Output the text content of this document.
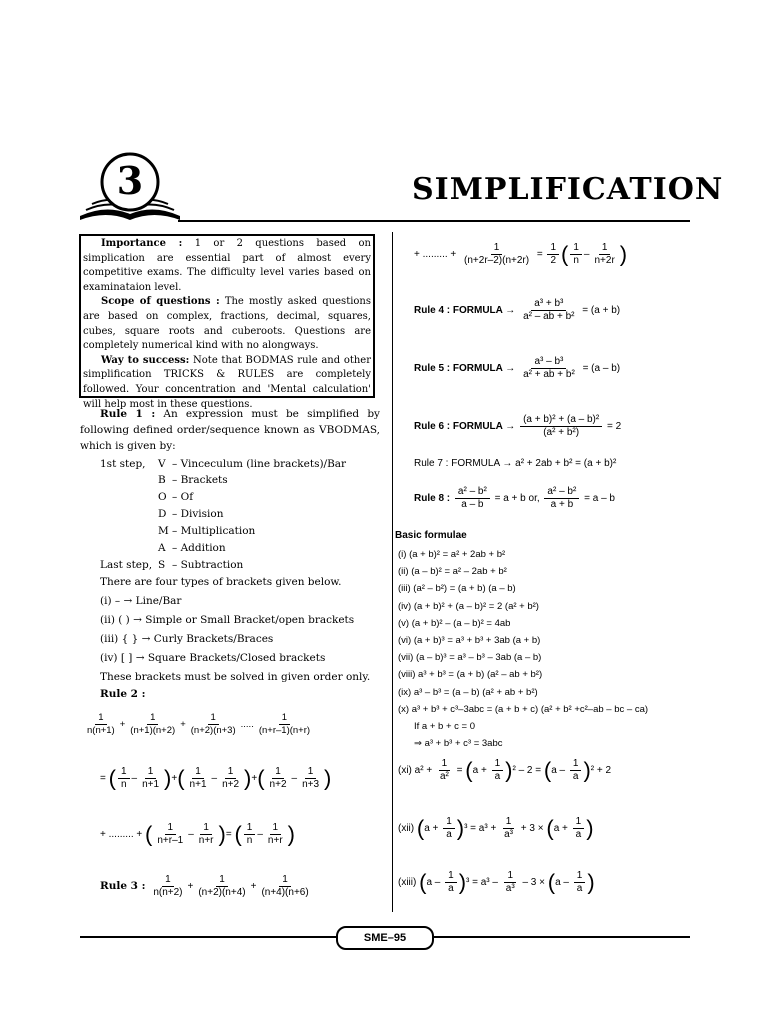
3	SIMPLIFICATION
Importance : 1 or 2 questions based on simplication are essential part of almost every competitive exams. The difficulty level varies based on examinataion level.
Scope of questions : The mostly asked questions are based on complex, fractions, decimal, squares, cubes, square roots and cuberoots. Questions are completely numerical kind with no alongways.
Way to success: Note that BODMAS rule and other simplification TRICKS & RULES are completely followed. Your concentration and 'Mental calculation' will help most in these questions.
Rule 1 : An expression must be simplified by following defined order/sequence known as VBODMAS, which is given by:
1st step, V – Vinceculum (line brackets)/Bar
B – Brackets
O – Of
D – Division
M – Multiplication
A – Addition
Last step, S – Subtraction
There are four types of brackets given below.
(i) – → Line/Bar
(ii) ( ) → Simple or Small Bracket/open brackets
(iii) { } → Curly Brackets/Braces
(iv) [ ] → Square Brackets/Closed brackets
These brackets must be solved in given order only.
Rule 2 :
$\frac{1}{n(n+1)} + \frac{1}{(n+1)(n+2)} + \frac{1}{(n+2)(n+3)}$ ..... $\frac{1}{(n+r-1)(n+r)}$
= ( $\frac{1}{n} - \frac{1}{n+1}$ )+( $\frac{1}{n+1} - \frac{1}{n+2}$ )+( $\frac{1}{n+2} - \frac{1}{n+3}$ )
+ ......... + ( $\frac{1}{n+r-1} - \frac{1}{n+r}$ )= ( $\frac{1}{n} - \frac{1}{n+r}$ )
Rule 3 : $\frac{1}{n(n+2)} + \frac{1}{(n+2)(n+4)} + \frac{1}{(n+4)(n+6)}$
+ ......... + $\frac{1}{(n+2r-2)(n+2r)} = \frac{1}{2}$ ( $\frac{1}{n} - \frac{1}{n+2r}$ )
Rule 4 : FORMULA → $\frac{\text{a³ + b³}}{\text{a² – ab + b²}} = (a + b)$
Rule 5 : FORMULA → $\frac{\text{a³ – b³}}{\text{a² + ab + b²}} = (a - b)$
Rule 6 : FORMULA → $\frac{\text{(a + b)² + (a – b)²}}{\text{(a² + b²)}} = 2$
Rule 7 : FORMULA → a² + 2ab + b² = (a + b)²
Rule 8 : $\frac{\text{a² – b²}}{a - b} = a + b$ or, $\frac{\text{a² – b²}}{a + b} = a - b$
Basic formulae
(i) (a + b)² = a² + 2ab + b²
(ii) (a – b)² = a² – 2ab + b²
(iii) (a² – b²) = (a + b) (a – b)
(iv) (a + b)² + (a – b)² = 2 (a² + b²)
(v) (a + b)² – (a – b)² = 4ab
(vi) (a + b)³ = a³ + b³ + 3ab (a + b)
(vii) (a – b)³ = a³ – b³ – 3ab (a – b)
(viii) a³ + b³ = (a + b) (a² – ab + b²)
(ix) a³ – b³ = (a – b) (a² + ab + b²)
(x) a³ + b³ + c³–3abc = (a + b + c) (a² + b² +c²–ab – bc – ca)
If a + b + c = 0
⇒ a³ + b³ + c³ = 3abc
(xi) $a^2 + \frac{1}{\text{a²}} = (a + \frac{1}{a} )^2 - 2 = (a - \frac{1}{a} )^2 + 2$
(xii) $(a + \frac{1}{a} )^3 = a^3 + \frac{1}{\text{a³}} + 3 \times (a + \frac{1}{a}$ )
(xiii) $(a - \frac{1}{a} )^3 = a^3 - \frac{1}{\text{a³}} - 3 \times (a - \frac{1}{a}$ )
SME–95
